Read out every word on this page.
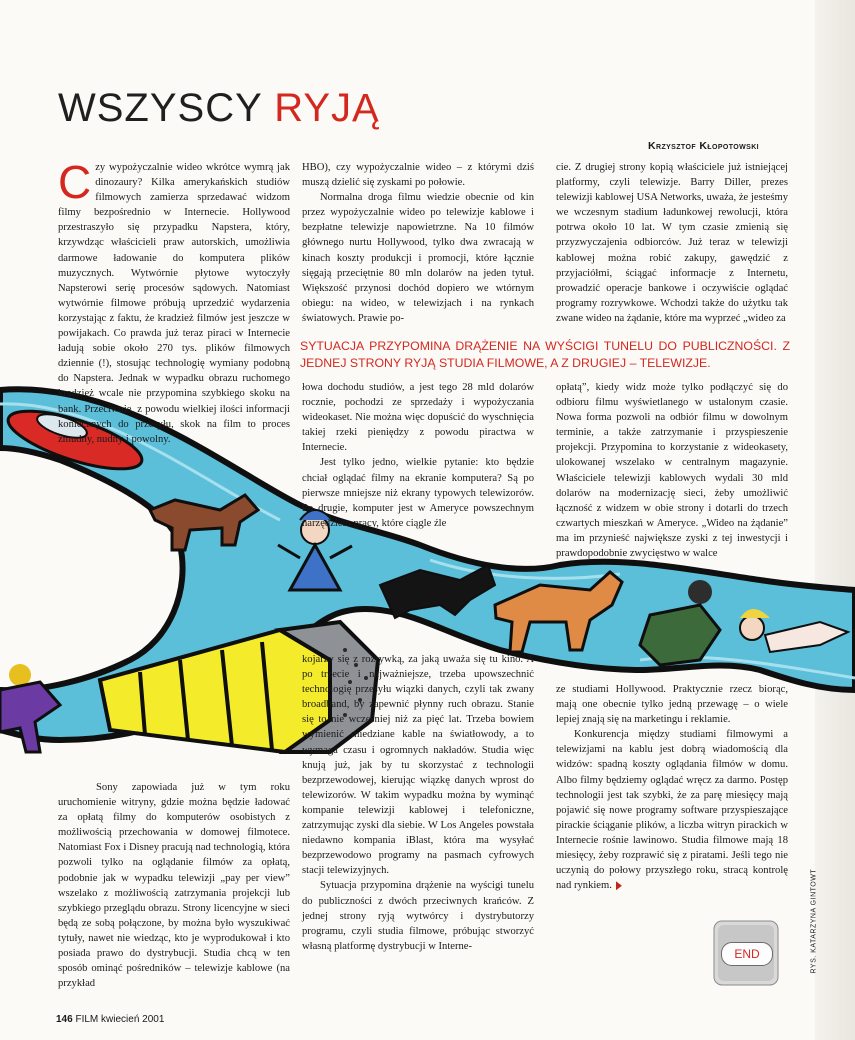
WSZYSCY RYJĄ
Krzysztof Kłopotowski
C zy wypożyczalnie wideo wkrótce wymrą jak dinozaury? Kilka amerykańskich studiów filmowych zamierza sprzedawać widzom filmy bezpośrednio w Internecie. Hollywood przestraszyło się przypadku Napstera, który, krzywdząc właścicieli praw autorskich, umożliwia darmowe ładowanie do komputera plików muzycznych. Wytwórnie płytowe wytoczyły Napsterowi serię procesów sądowych. Natomiast wytwórnie filmowe próbują uprzedzić wydarzenia korzystając z faktu, że kradzież filmów jest jeszcze w powijakach. Co prawda już teraz piraci w Internecie ładują sobie około 270 tys. plików filmowych dziennie (!), stosując technologię wymiany podobną do Napstera. Jednak w wypadku obrazu ruchomego kradzież wcale nie przypomina szybkiego skoku na bank. Przeciwnie, z powodu wielkiej ilości informacji koniecznych do przesyłu, skok na film to proces żmudny, nudny i powolny.

HBO), czy wypożyczalnie wideo – z którymi dziś muszą dzielić się zyskami po połowie.

Normalna droga filmu wiedzie obecnie od kin przez wypożyczalnie wideo po telewizje kablowe i bezpłatne telewizje napowietrzne. Na 10 filmów głównego nurtu Hollywood, tylko dwa zwracają w kinach koszty produkcji i promocji, które łącznie sięgają przeciętnie 80 mln dolarów na jeden tytuł. Większość przynosi dochód dopiero we wtórnym obiegu: na wideo, w telewizjach i na rynkach światowych. Prawie po-

cie. Z drugiej strony kopią właściciele już istniejącej platformy, czyli telewizje. Barry Diller, prezes telewizji kablowej USA Networks, uważa, że jesteśmy we wczesnym stadium ładunkowej rewolucji, która potrwa około 10 lat. W tym czasie zmienią się przyzwyczajenia odbiorców. Już teraz w telewizji kablowej można robić zakupy, gawędzić z przyjaciółmi, ściągać informacje z Internetu, prowadzić operacje bankowe i oczywiście oglądać programy rozrywkowe. Wchodzi także do użytku tak zwane wideo na żądanie, które ma wyprzeć „wideo za

SYTUACJA PRZYPOMINA DRĄŻENIE NA WYŚCIGI TUNELU DO PUBLICZNOŚCI. Z JEDNEJ STRONY RYJĄ STUDIA FILMOWE, A Z DRUGIEJ – TELEWIZJE.

łowa dochodu studiów, a jest tego 28 mld dolarów rocznie, pochodzi ze sprzedaży i wypożyczania wideokaset. Nie można więc dopuścić do wyschnięcia takiej rzeki pieniędzy z powodu piractwa w Internecie.

Jest tylko jedno, wielkie pytanie: kto będzie chciał oglądać filmy na ekranie komputera? Są po pierwsze mniejsze niż ekrany typowych telewizorów. Po drugie, komputer jest w Ameryce powszechnym narzędziem pracy, które ciągle źle

opłatą”, kiedy widz może tylko podłączyć się do odbioru filmu wyświetlanego w ustalonym czasie. Nowa forma pozwoli na odbiór filmu w dowolnym terminie, a także zatrzymanie i przyspieszenie projekcji. Przypomina to korzystanie z wideokasety, ulokowanej wszelako w centralnym magazynie. Właściciele telewizji kablowych wydali 30 mld dolarów na modernizację sieci, żeby umożliwić łączność z widzem w obie strony i dotarli do trzech czwartych mieszkań w Ameryce. „Wideo na żądanie” ma im przynieść największe zyski z tej inwestycji i prawdopodobnie zwycięstwo w walce

Sony zapowiada już w tym roku uruchomienie witryny, gdzie można będzie ładować za opłatą filmy do komputerów osobistych z możliwością przechowania w domowej filmotece. Natomiast Fox i Disney pracują nad technologią, która pozwoli tylko na oglądanie filmów za opłatą, podobnie jak w wypadku telewizji „pay per view” wszelako z możliwością zatrzymania projekcji lub szybkiego przeglądu obrazu. Strony licencyjne w sieci będą ze sobą połączone, by można było wyszukiwać tytuły, nawet nie wiedząc, kto je wyprodukował i kto posiada prawo do dystrybucji. Studia chcą w ten sposób ominąć pośredników – telewizje kablowe (na przykład

kojarzy się z rozrywką, za jaką uważa się tu kino. A po trzecie i najważniejsze, trzeba upowszechnić technologię przesyłu wiązki danych, czyli tak zwany broadband, by zapewnić płynny ruch obrazu. Stanie się to nie wcześniej niż za pięć lat. Trzeba bowiem wymienić miedziane kable na światłowody, a to wymaga czasu i ogromnych nakładów. Studia więc knują już, jak by tu skorzystać z technologii bezprzewodowej, kierując wiązkę danych wprost do telewizorów. W takim wypadku można by wyminąć kompanie telewizji kablowej i telefoniczne, zatrzymując zyski dla siebie. W Los Angeles powstała niedawno kompania iBlast, która ma wysyłać bezprzewodowo programy na pasmach cyfrowych stacji telewizyjnych.

Sytuacja przypomina drążenie na wyścigi tunelu do publiczności z dwóch przeciwnych krańców. Z jednej strony ryją wytwórcy i dystrybutorzy programu, czyli studia filmowe, próbując stworzyć własną platformę dystrybucji w Interne-

ze studiami Hollywood. Praktycznie rzecz biorąc, mają one obecnie tylko jedną przewagę – o wiele lepiej znają się na marketingu i reklamie.

Konkurencja między studiami filmowymi a telewizjami na kablu jest dobrą wiadomością dla widzów: spadną koszty oglądania filmów w domu. Albo filmy będziemy oglądać wręcz za darmo. Postęp technologii jest tak szybki, że za parę miesięcy mają pojawić się nowe programy software przyspieszające pirackie ściąganie plików, a liczba witryn pirackich w Internecie rośnie lawinowo. Studia filmowe mają 18 miesięcy, żeby rozprawić się z piratami. Jeśli tego nie uczynią do połowy przyszłego roku, stracą kontrolę nad rynkiem.

END	RYS. KATARZYNA GINTOWT
146 FILM kwiecień 2001
